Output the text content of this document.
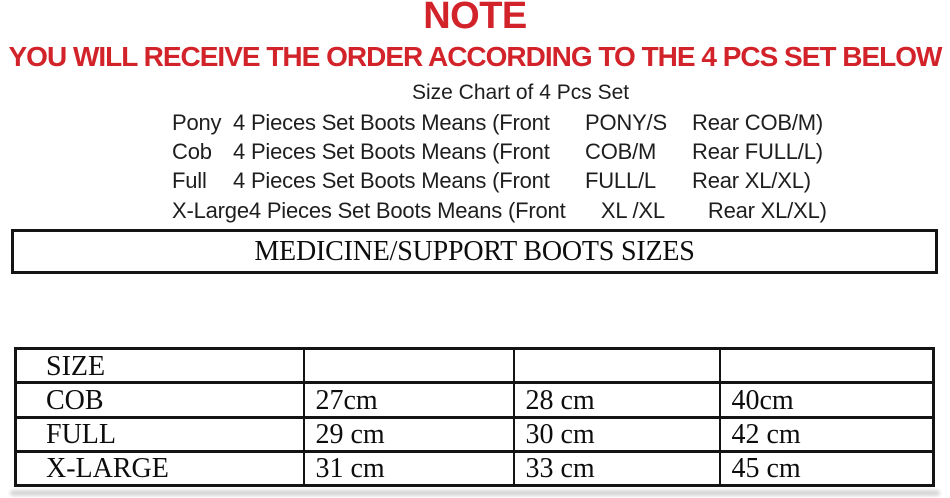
NOTE
YOU WILL RECEIVE THE ORDER ACCORDING TO THE 4 PCS SET BELOW
Size Chart of 4 Pcs Set
Pony 4 Pieces Set Boots Means (Front	PONY/S	Rear COB/M)
Cob 4 Pieces Set Boots Means (Front	COB/M	Rear FULL/L)
Full	4 Pieces Set Boots Means (Front	FULL/L	Rear XL/XL)
X-Large 4 Pieces Set Boots Means (Front	XL /XL	Rear XL/XL)
MEDICINE/SUPPORT BOOTS SIZES
SIZE			
COB	27cm	28 cm	40cm
FULL	29 cm	30 cm	42 cm
X-LARGE	31 cm	33 cm	45 cm
